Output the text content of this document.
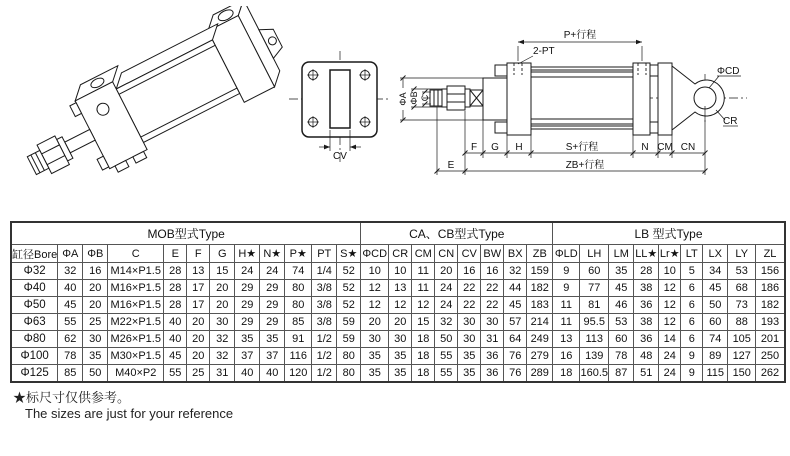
CV
P+行程
2-PT
ΦCD
CR
ΦA ΦB C
F G H	S+行程	N CM CN
E	ZB+行程
MOB型式Type												CA、CB型式Type								LB 型式Type								
缸径Bore	ΦA	ΦB	C	E	F	G	H★	N★	P★	PT	S★	ΦCD	CR	CM	CN	CV	BW	BX	ZB	ΦLD	LH	LM	LL★	Lr★	LT	LX	LY	ZL
Φ32	32	16	M14×P1.5	28	13	15	24	24	74	1/4	52	10	10	11	20	16	16	32	159	9	60	35	28	10	5	34	53	156
Φ40	40	20	M16×P1.5	28	17	20	29	29	80	3/8	52	12	13	11	24	22	22	44	182	9	77	45	38	12	6	45	68	186
Φ50	45	20	M16×P1.5	28	17	20	29	29	80	3/8	52	12	12	12	24	22	22	45	183	11	81	46	36	12	6	50	73	182
Φ63	55	25	M22×P1.5	40	20	30	29	29	85	3/8	59	20	20	15	32	30	30	57	214	11	95.5	53	38	12	6	60	88	193
Φ80	62	30	M26×P1.5	40	20	32	35	35	91	1/2	59	30	30	18	50	30	31	64	249	13	113	60	36	14	6	74	105	201
Φ100	78	35	M30×P1.5	45	20	32	37	37	116	1/2	80	35	35	18	55	35	36	76	279	16	139	78	48	24	9	89	127	250
Φ125	85	50	M40×P2	55	25	31	40	40	120	1/2	80	35	35	18	55	35	36	76	289	18	160.5	87	51	24	9	115	150	262
★标尺寸仅供参考。
The sizes are just for your reference
